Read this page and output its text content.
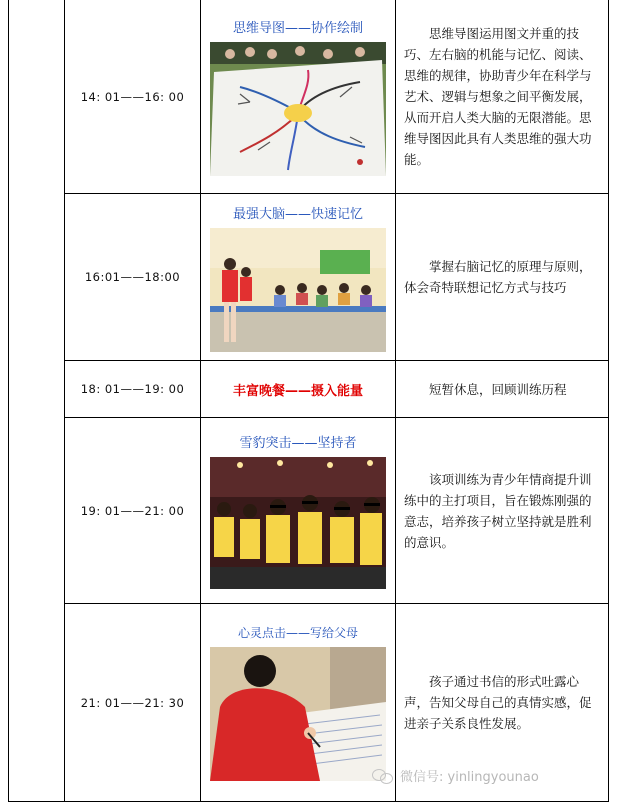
	14: 01——16: 00	思维导图——协作绘制	思维导图运用图文并重的技巧、左右脑的机能与记忆、阅读、思维的规律，协助青少年在科学与艺术、逻辑与想象之间平衡发展，从而开启人类大脑的无限潜能。思维导图因此具有人类思维的强大功能。

	16:01——18:00	最强大脑——快速记忆	掌握右脑记忆的原理与原则，体会奇特联想记忆方式与技巧

	18: 01——19: 00	丰富晚餐——摄入能量	短暂休息，回顾训练历程

	19: 01——21: 00	雪豹突击——坚持者	该项训练为青少年情商提升训练中的主打项目，旨在锻炼刚强的意志，培养孩子树立坚持就是胜利的意识。

	21: 01——21: 30	心灵点击——写给父母	孩子通过书信的形式吐露心声，告知父母自己的真情实感，促进亲子关系良性发展。
微信号: yinlingyounao
